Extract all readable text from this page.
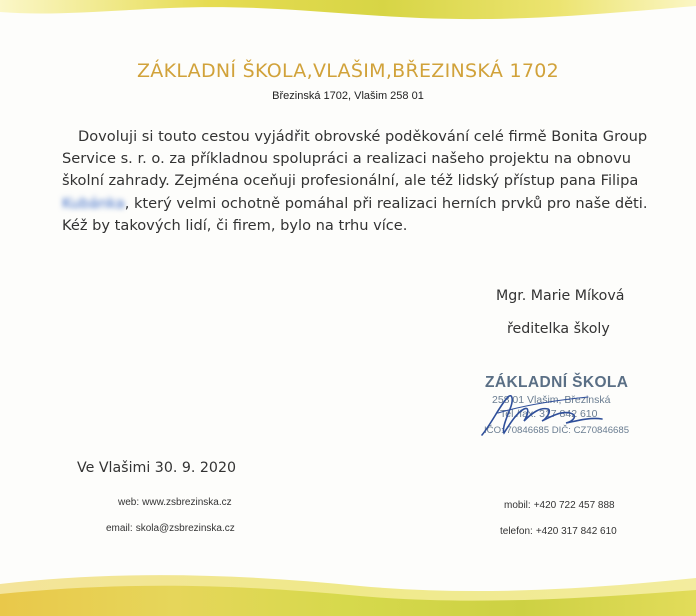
ZÁKLADNÍ ŠKOLA,VLAŠIM,BŘEZINSKÁ 1702
Březinská 1702, Vlašim 258 01

Dovoluji si touto cestou vyjádřit obrovské poděkování celé firmě Bonita Group Service s. r. o. za příkladnou spolupráci a realizaci našeho projektu na obnovu školní zahrady. Zejména oceňuji profesionální, ale též lidský přístup pana Filipa Kubánka, který velmi ochotně pomáhal při realizaci herních prvků pro naše děti. Kéž by takových lidí, či firem, bylo na trhu více.

Mgr. Marie Míková
ředitelka školy
ZÁKLADNÍ ŠKOLA
258 01 Vlašim, Březinská
Tel./fax: 317 842 610
IČO: 70846685 DIČ: CZ70846685
Ve Vlašimi 30. 9. 2020
web: www.zsbrezinska.cz
email: skola@zsbrezinska.cz
mobil: +420 722 457 888
telefon: +420 317 842 610
